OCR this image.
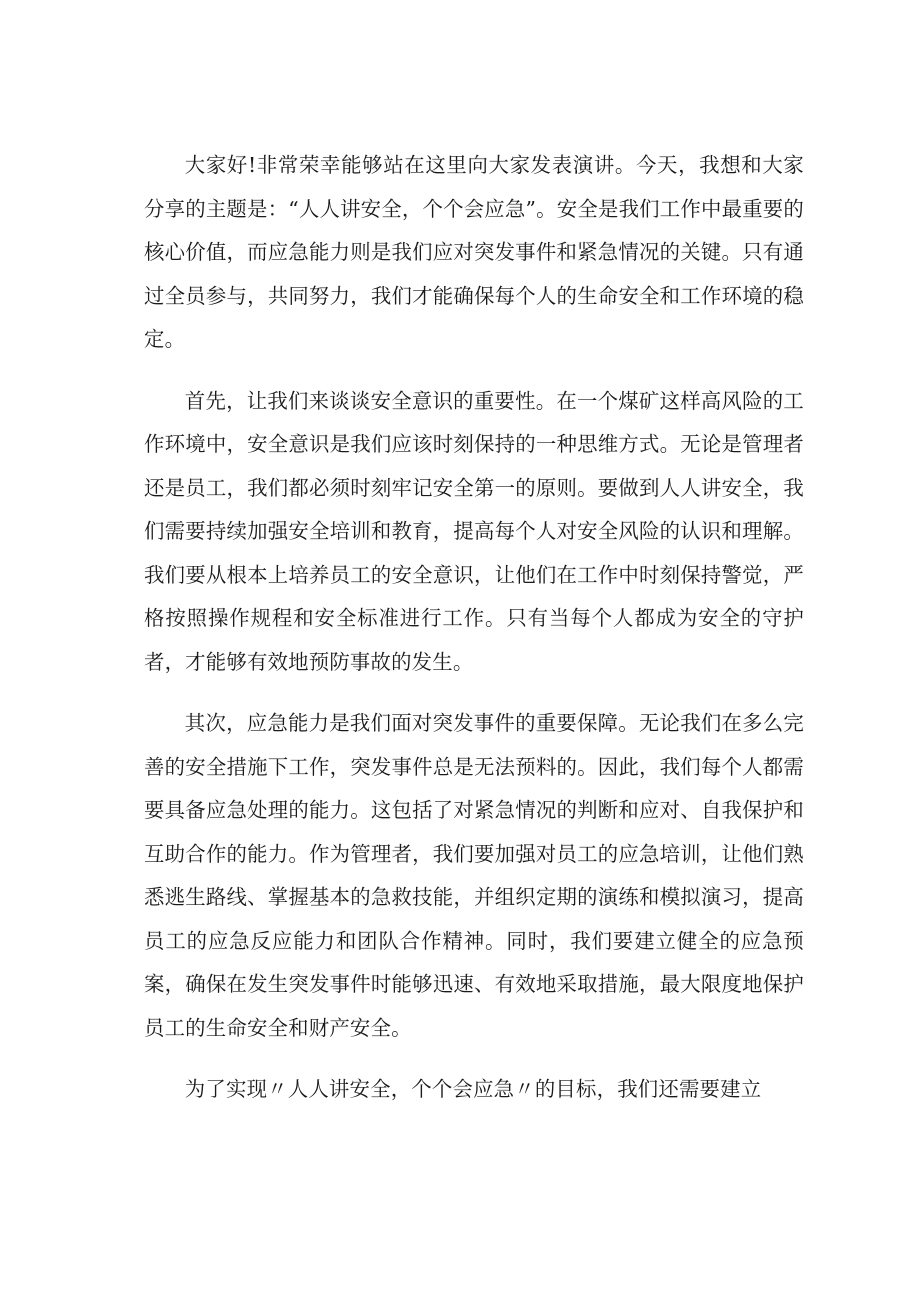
大家好!非常荣幸能够站在这里向大家发表演讲。今天，我想和大家分享的主题是：“人人讲安全，个个会应急”。安全是我们工作中最重要的核心价值，而应急能力则是我们应对突发事件和紧急情况的关键。只有通过全员参与，共同努力，我们才能确保每个人的生命安全和工作环境的稳定。

首先，让我们来谈谈安全意识的重要性。在一个煤矿这样高风险的工作环境中，安全意识是我们应该时刻保持的一种思维方式。无论是管理者还是员工，我们都必须时刻牢记安全第一的原则。要做到人人讲安全，我们需要持续加强安全培训和教育，提高每个人对安全风险的认识和理解。我们要从根本上培养员工的安全意识，让他们在工作中时刻保持警觉，严格按照操作规程和安全标准进行工作。只有当每个人都成为安全的守护者，才能够有效地预防事故的发生。

其次，应急能力是我们面对突发事件的重要保障。无论我们在多么完善的安全措施下工作，突发事件总是无法预料的。因此，我们每个人都需要具备应急处理的能力。这包括了对紧急情况的判断和应对、自我保护和互助合作的能力。作为管理者，我们要加强对员工的应急培训，让他们熟悉逃生路线、掌握基本的急救技能，并组织定期的演练和模拟演习，提高员工的应急反应能力和团队合作精神。同时，我们要建立健全的应急预案，确保在发生突发事件时能够迅速、有效地采取措施，最大限度地保护员工的生命安全和财产安全。

为了实现〃人人讲安全，个个会应急〃的目标，我们还需要建立
